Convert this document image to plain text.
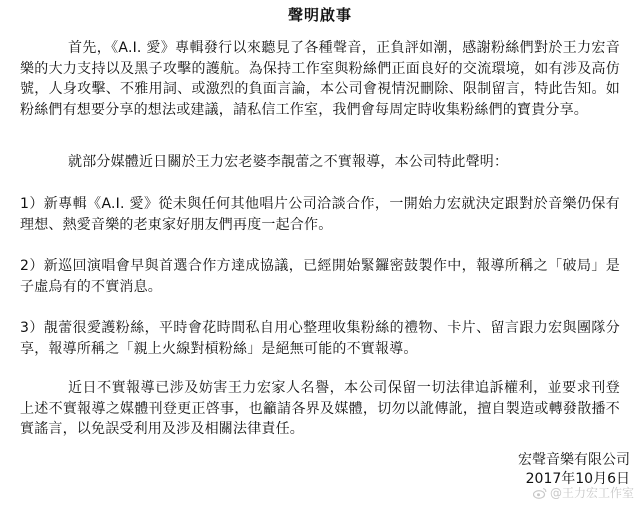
聲明啟事

首先，《A.I. 愛》專輯發行以來聽見了各種聲音，正負評如潮，感謝粉絲們對於王力宏音樂的大力支持以及黑子攻擊的護航。為保持工作室與粉絲們正面良好的交流環境，如有涉及高仿號，人身攻擊、不雅用詞、或激烈的負面言論，本公司會視情況刪除、限制留言，特此告知。如粉絲們有想要分享的想法或建議，請私信工作室，我們會每周定時收集粉絲們的寶貴分享。

就部分媒體近日關於王力宏老婆李靚蕾之不實報導，本公司特此聲明：

1）新專輯《A.I. 愛》從未與任何其他唱片公司洽談合作，一開始力宏就決定跟對於音樂仍保有理想、熱愛音樂的老東家好朋友們再度一起合作。

2）新巡回演唱會早與首選合作方達成協議，已經開始緊鑼密鼓製作中，報導所稱之「破局」是子虛烏有的不實消息。

3）靚蕾很愛護粉絲，平時會花時間私自用心整理收集粉絲的禮物、卡片、留言跟力宏與團隊分享，報導所稱之「親上火線對槓粉絲」是絕無可能的不實報導。

近日不實報導已涉及妨害王力宏家人名譽，本公司保留一切法律追訴權利，並要求刊登上述不實報導之媒體刊登更正啓事，也籲請各界及媒體，切勿以訛傳訛，擅自製造或轉發散播不實謠言，以免誤受利用及涉及相關法律責任。

宏聲音樂有限公司
2017年10月6日
@王力宏工作室
